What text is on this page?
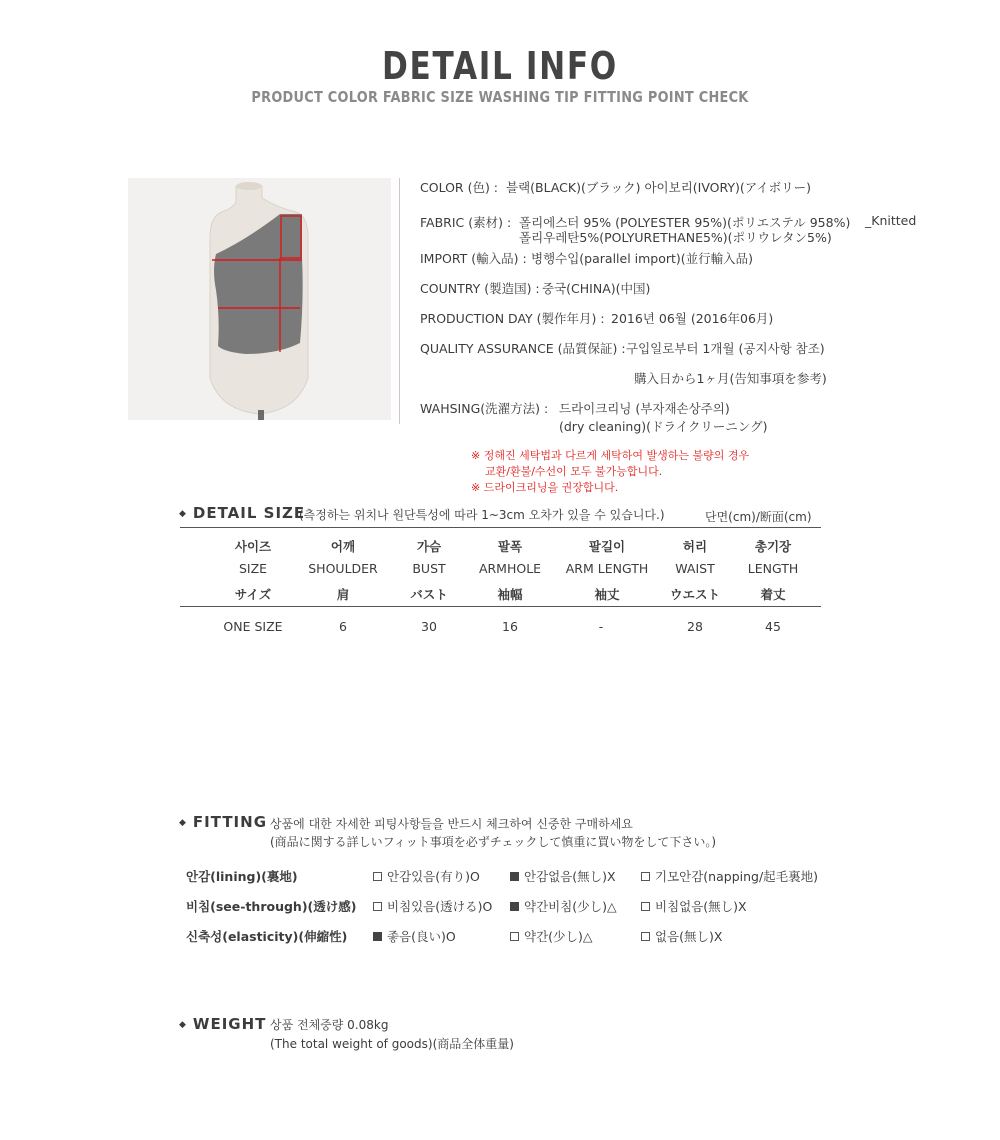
DETAIL INFO
PRODUCT COLOR FABRIC SIZE WASHING TIP FITTING POINT CHECK
COLOR (色) : 블랙(BLACK)(ブラック) 아이보리(IVORY)(アイボリー)
FABRIC (素材) : 폴리에스터 95% (POLYESTER 95%)(ポリエステル 958%) _Knitted
폴리우레탄5%(POLYURETHANE5%)(ポリウレタン5%)
IMPORT (輸入品) : 병행수입(parallel import)(並行輸入品)
COUNTRY (製造国) : 중국(CHINA)(中国)
PRODUCTION DAY (製作年月) : 2016년 06월 (2016年06月)
QUALITY ASSURANCE (品質保証) : 구입일로부터 1개월 (공지사항 참조)
購入日から1ヶ月(告知事項を参考)
WAHSING(洗濯方法) : 드라이크리닝 (부자재손상주의)
(dry cleaning)(ドライクリーニング)
※ 정해진 세탁법과 다르게 세탁하여 발생하는 불량의 경우
교환/환불/수선이 모두 불가능합니다.
※ 드라이크리닝을 권장합니다.
◆ DETAIL SIZE
(측정하는 위치나 원단특성에 따라 1~3cm 오차가 있을 수 있습니다.)	단면(cm)/断面(cm)
사이즈	어깨	가슴	팔폭	팔길이	허리	총기장
SIZE	SHOULDER	BUST	ARMHOLE	ARM LENGTH	WAIST	LENGTH
サイズ	肩	バスト	袖幅	袖丈	ウエスト	着丈
ONE SIZE	6	30	16	-	28	45
◆ FITTING 상품에 대한 자세한 피팅사항들을 반드시 체크하여 신중한 구매하세요
(商品に関する詳しいフィット事項を必ずチェックして慎重に買い物をして下さい。)
안감(lining)(裏地)	안감있음(有り)O	안감없음(無し)X	기모안감(napping/起毛裏地)
비침(see-through)(透け感)	비침있음(透ける)O	약간비침(少し)△	비침없음(無し)X
신축성(elasticity)(伸縮性)	좋음(良い)O	약간(少し)△	없음(無し)X
◆ WEIGHT 상품 전체중량 0.08kg
(The total weight of goods)(商品全体重量)
